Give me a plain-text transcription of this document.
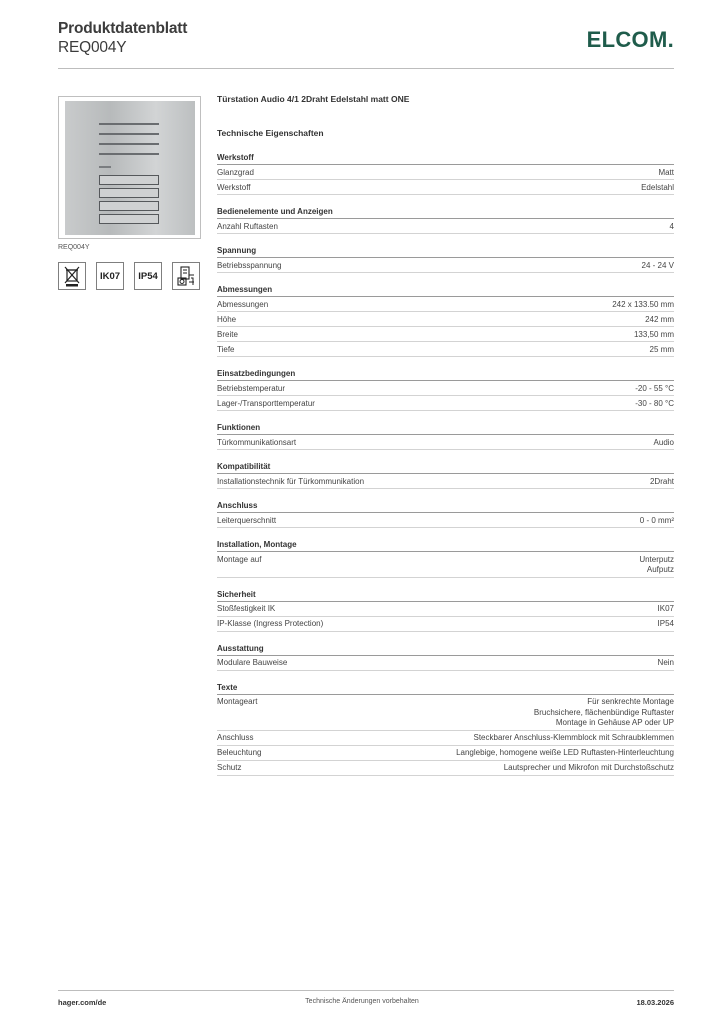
Produktdatenblatt
REQ004Y	ELCOM.
REQ004Y
IK07 IP54
Türstation Audio 4/1 2Draht Edelstahl matt ONE
Technische Eigenschaften
Werkstoff
Glanzgrad	Matt
Werkstoff	Edelstahl
Bedienelemente und Anzeigen
Anzahl Ruftasten	4
Spannung
Betriebsspannung	24 - 24 V
Abmessungen
Abmessungen	242 x 133.50 mm
Höhe	242 mm
Breite	133,50 mm
Tiefe	25 mm
Einsatzbedingungen
Betriebstemperatur	-20 - 55 °C
Lager-/Transporttemperatur	-30 - 80 °C
Funktionen
Türkommunikationsart	Audio
Kompatibilität
Installationstechnik für Türkommunikation	2Draht
Anschluss
Leiterquerschnitt	0 - 0 mm²
Installation, Montage
Montage auf	Unterputz
Aufputz
Sicherheit
Stoßfestigkeit IK	IK07
IP-Klasse (Ingress Protection)	IP54
Ausstattung
Modulare Bauweise	Nein
Texte
Montageart	Für senkrechte Montage
Bruchsichere, flächenbündige Ruftaster
Montage in Gehäuse AP oder UP
Anschluss	Steckbarer Anschluss-Klemmblock mit Schraubklemmen
Beleuchtung	Langlebige, homogene weiße LED Ruftasten-Hinterleuchtung
Schutz	Lautsprecher und Mikrofon mit Durchstoßschutz
hager.com/de	Technische Änderungen vorbehalten	18.03.2026
